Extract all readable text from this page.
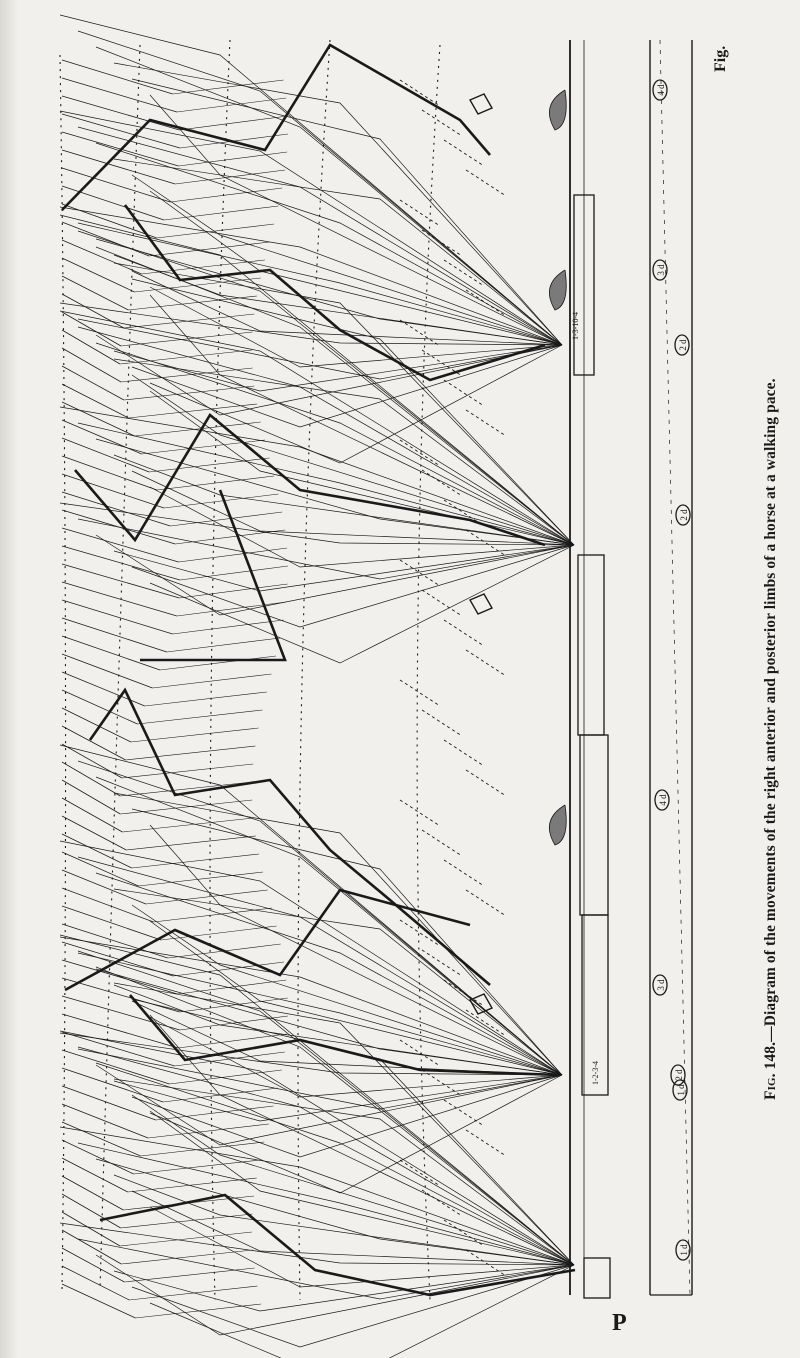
1-3-10-4
1-2-3-4
4 d
3 d
2 d
2 d
1 d
4 d
3 d
2 d
1 d
Fig. 148.—Diagram of the movements of the right anterior and posterior limbs of a horse at a walking pace.
Fig.
P
